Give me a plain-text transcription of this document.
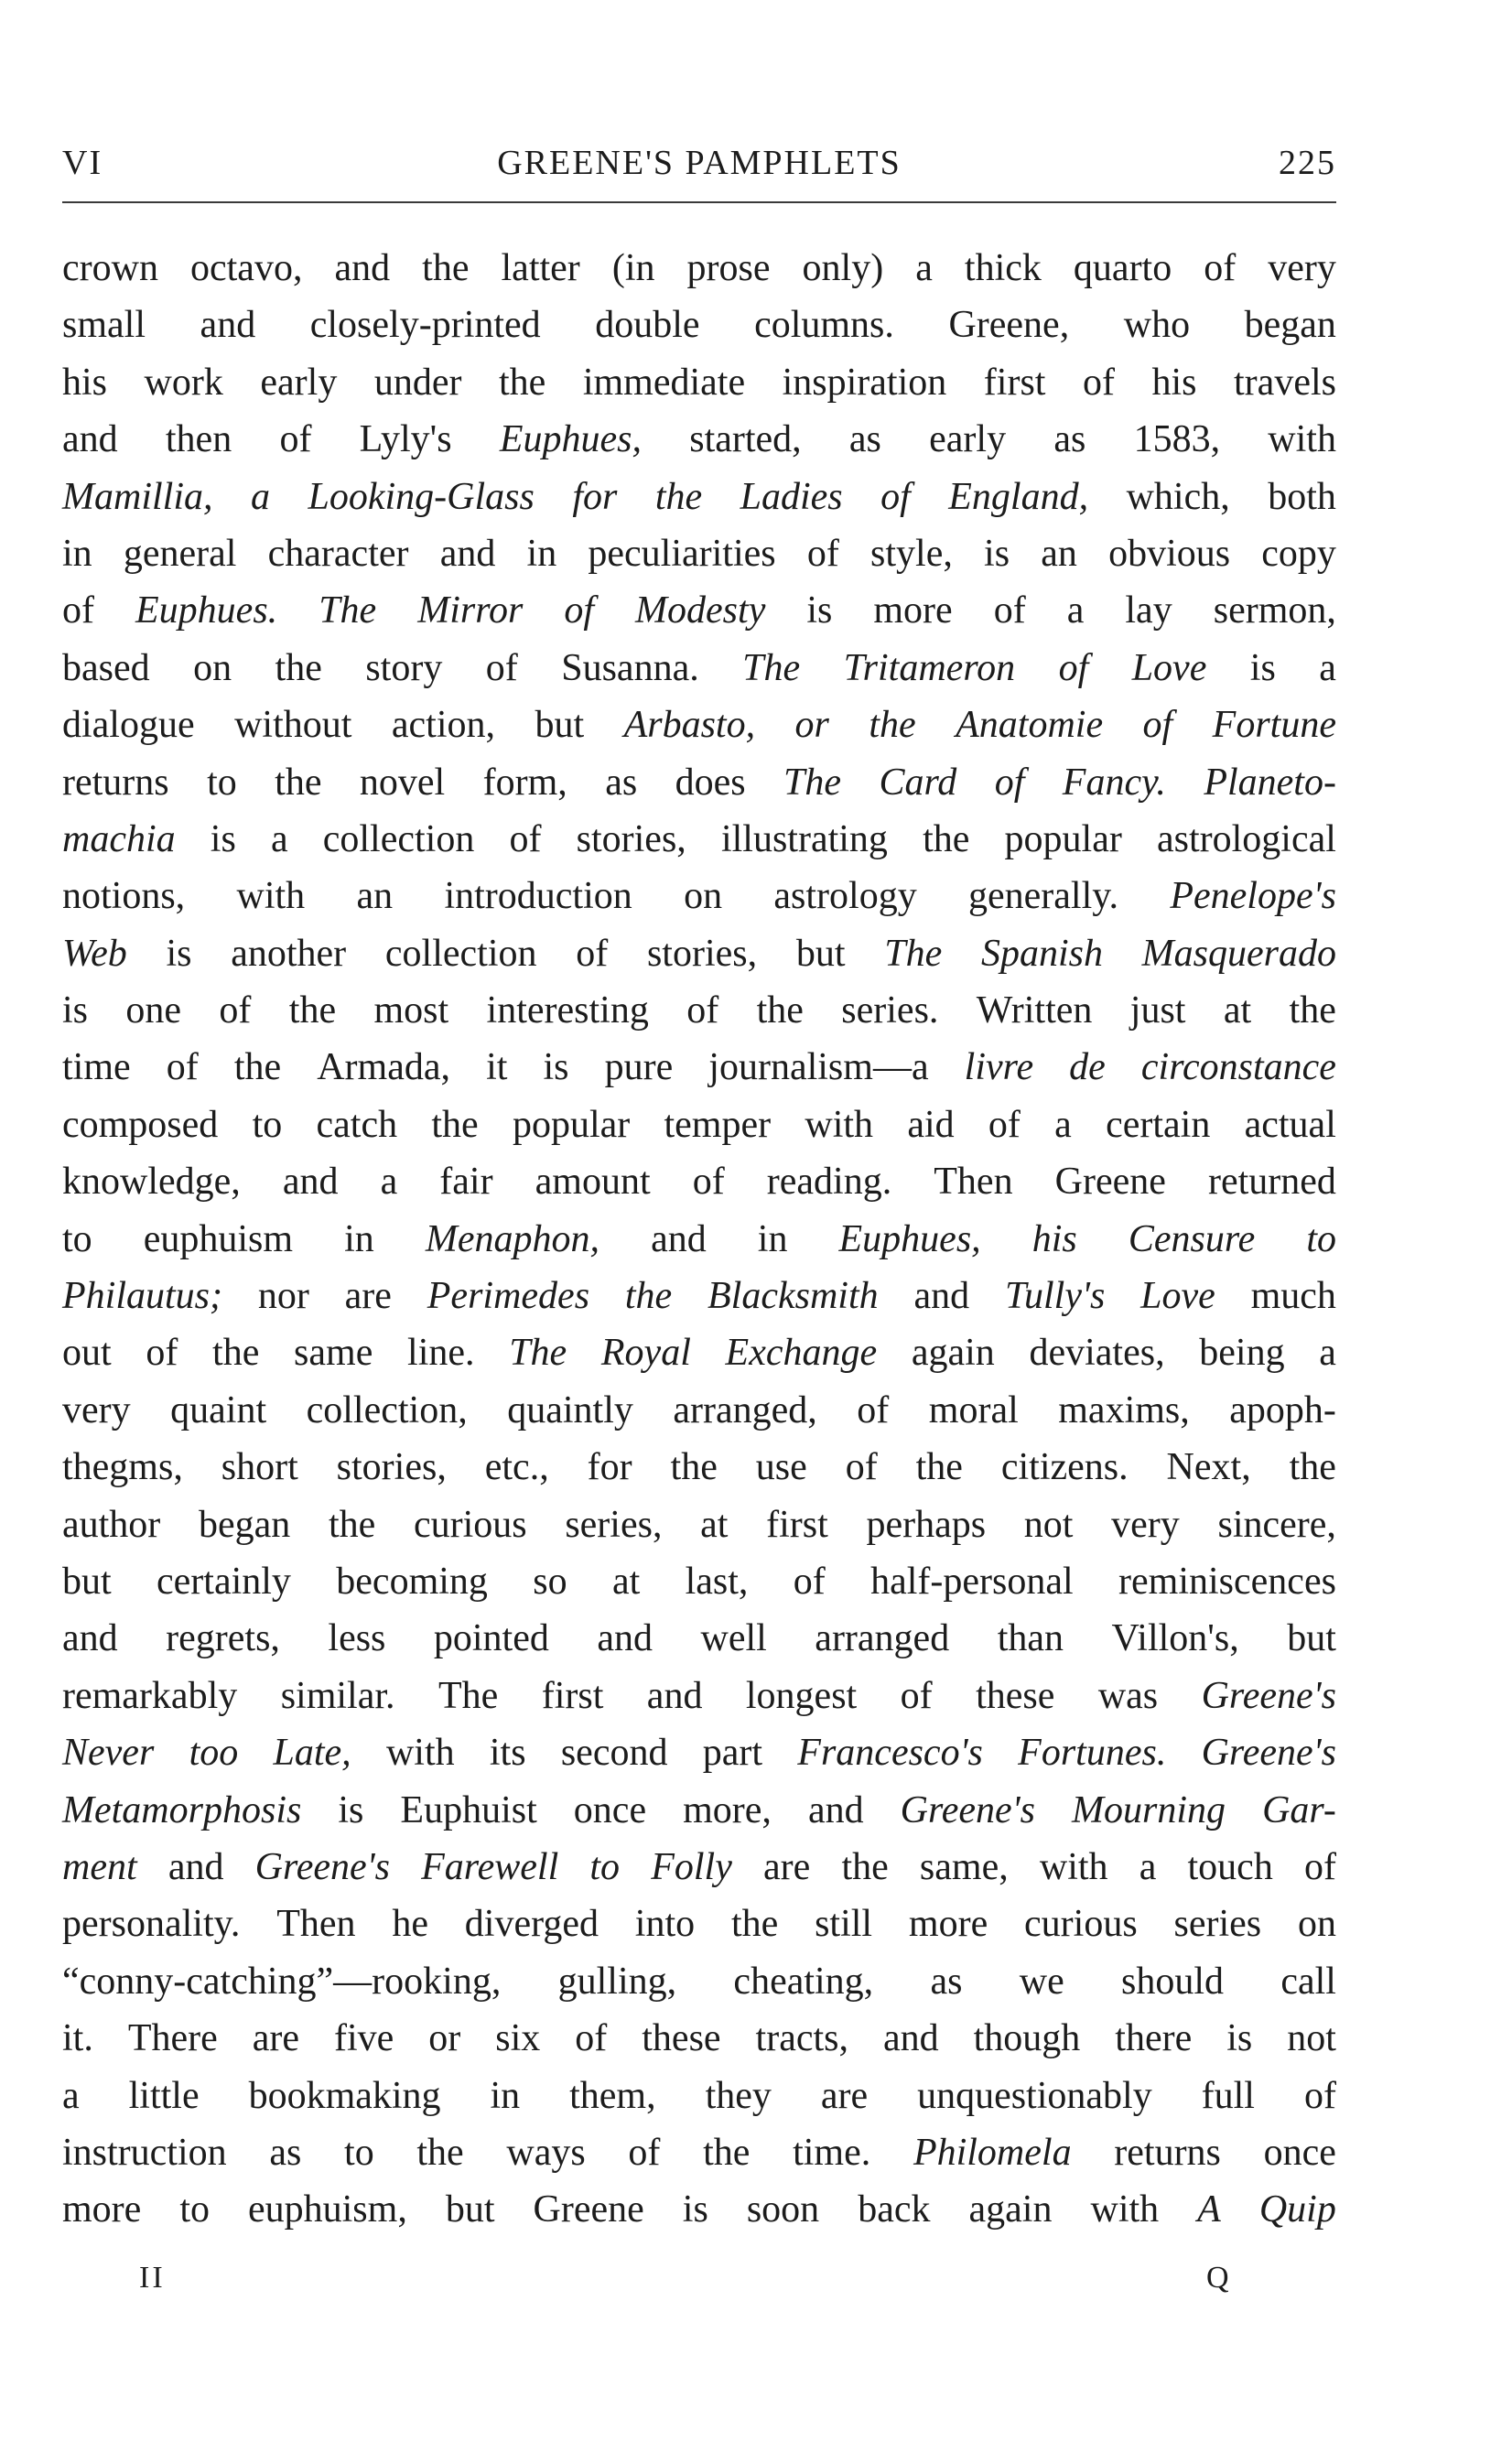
VI	GREENE'S PAMPHLETS	225
crown octavo, and the latter (in prose only) a thick quarto of very
small and closely-printed double columns. Greene, who began
his work early under the immediate inspiration first of his travels
and then of Lyly's Euphues, started, as early as 1583, with
Mamillia, a Looking-Glass for the Ladies of England, which, both
in general character and in peculiarities of style, is an obvious copy
of Euphues. The Mirror of Modesty is more of a lay sermon,
based on the story of Susanna. The Tritameron of Love is a
dialogue without action, but Arbasto, or the Anatomie of Fortune
returns to the novel form, as does The Card of Fancy. Planeto-
machia is a collection of stories, illustrating the popular astrological
notions, with an introduction on astrology generally. Penelope's
Web is another collection of stories, but The Spanish Masquerado
is one of the most interesting of the series. Written just at the
time of the Armada, it is pure journalism—a livre de circonstance
composed to catch the popular temper with aid of a certain actual
knowledge, and a fair amount of reading. Then Greene returned
to euphuism in Menaphon, and in Euphues, his Censure to
Philautus; nor are Perimedes the Blacksmith and Tully's Love much
out of the same line. The Royal Exchange again deviates, being a
very quaint collection, quaintly arranged, of moral maxims, apoph-
thegms, short stories, etc., for the use of the citizens. Next, the
author began the curious series, at first perhaps not very sincere,
but certainly becoming so at last, of half-personal reminiscences
and regrets, less pointed and well arranged than Villon's, but
remarkably similar. The first and longest of these was Greene's
Never too Late, with its second part Francesco's Fortunes. Greene's
Metamorphosis is Euphuist once more, and Greene's Mourning Gar-
ment and Greene's Farewell to Folly are the same, with a touch of
personality. Then he diverged into the still more curious series on
“conny-catching”—rooking, gulling, cheating, as we should call
it. There are five or six of these tracts, and though there is not
a little bookmaking in them, they are unquestionably full of
instruction as to the ways of the time. Philomela returns once
more to euphuism, but Greene is soon back again with A Quip
II	Q
